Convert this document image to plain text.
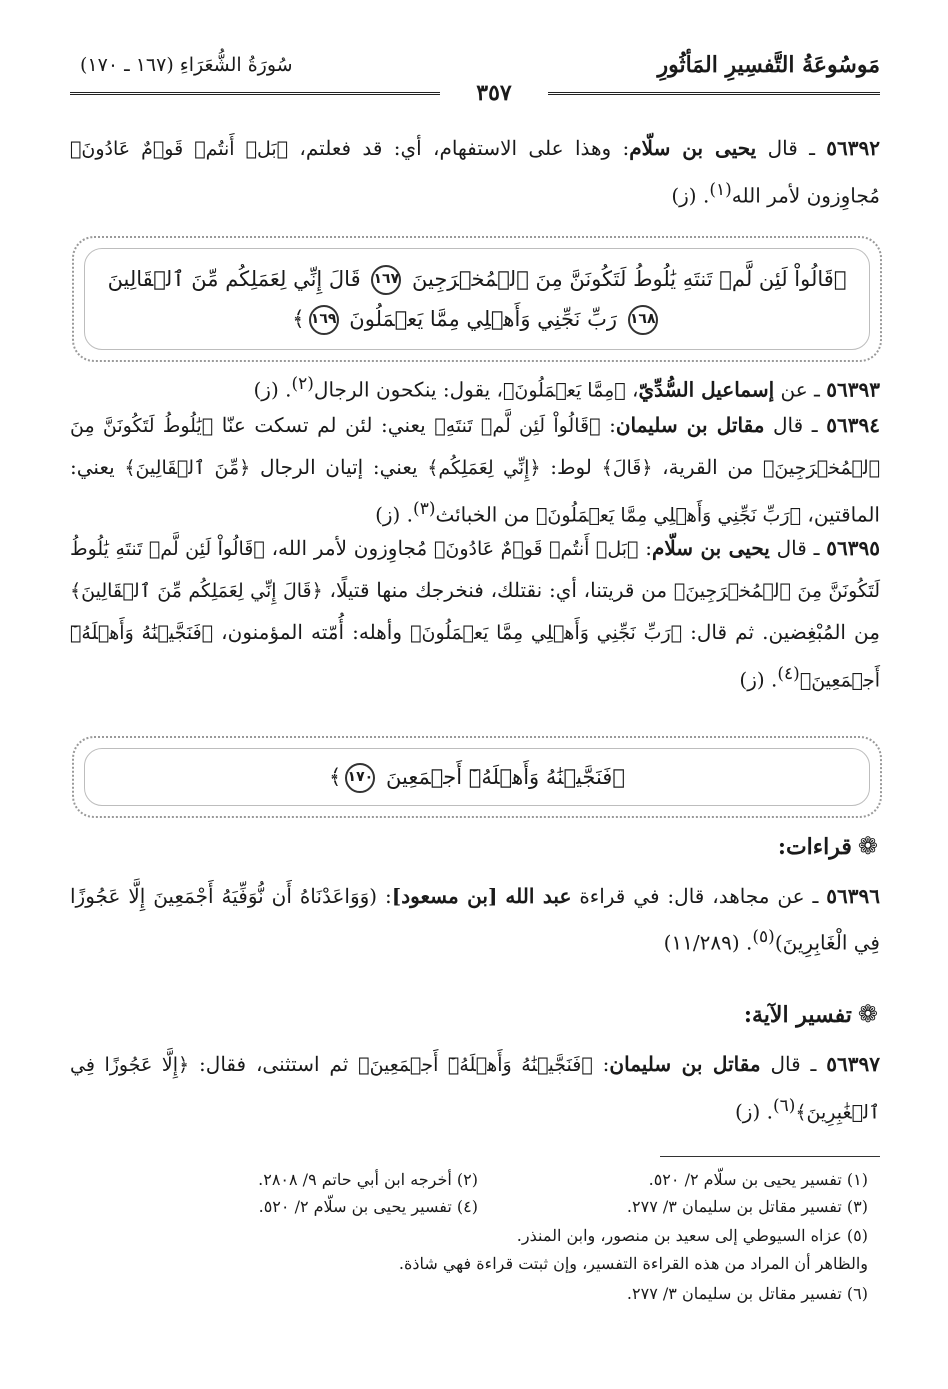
مَوسُوعَةُ التَّفسِيرِ المَأثُورِ
سُورَةُ الشُّعَرَاءِ (١٦٧ ـ ١٧٠)
٣٥٧
٥٦٣٩٢ ـ قال يحيى بن سلّام: وهذا على الاستفهام، أي: قد فعلتم، ﴿بَلۡ أَنتُمۡ قَوۡمٌ عَادُونَ﴾ مُجاوِزون لأمر الله$^{(١)}$. (ز)
﴿قَالُواْ لَئِن لَّمۡ تَنتَهِ يَٰلُوطُ لَتَكُونَنَّ مِنَ ٱلۡمُخۡرَجِينَ ١٦٧ قَالَ إِنِّي لِعَمَلِكُم مِّنَ ٱلۡقَالِينَ ١٦٨ رَبِّ نَجِّنِي وَأَهۡلِي مِمَّا يَعۡمَلُونَ ١٦٩﴾
٥٦٣٩٣ ـ عن إسماعيل السُّدِّيّ، ﴿مِمَّا يَعۡمَلُونَ﴾، يقول: ينكحون الرجال$^{(٢)}$. (ز)
٥٦٣٩٤ ـ قال مقاتل بن سليمان: ﴿قَالُواْ لَئِن لَّمۡ تَنتَهِ﴾ يعني: لئن لم تسكت عنّا ﴿يَٰلُوطُ لَتَكُونَنَّ مِنَ ٱلۡمُخۡرَجِينَ﴾ من القرية، ﴿قَالَ﴾ لوط: ﴿إِنِّي لِعَمَلِكُم﴾ يعني: إتيان الرجال ﴿مِّنَ ٱلۡقَالِينَ﴾ يعني: الماقتين، ﴿رَبِّ نَجِّنِي وَأَهۡلِي مِمَّا يَعۡمَلُونَ﴾ من الخبائث$^{(٣)}$. (ز)
٥٦٣٩٥ ـ قال يحيى بن سلّام: ﴿بَلۡ أَنتُمۡ قَوۡمٌ عَادُونَ﴾ مُجاوِزون لأمر الله، ﴿قَالُواْ لَئِن لَّمۡ تَنتَهِ يَٰلُوطُ لَتَكُونَنَّ مِنَ ٱلۡمُخۡرَجِينَ﴾ من قريتنا، أي: نقتلك، فنخرجك منها قتيلًا، ﴿قَالَ إِنِّي لِعَمَلِكُم مِّنَ ٱلۡقَالِينَ﴾ مِن المُبْغِضين. ثم قال: ﴿رَبِّ نَجِّنِي وَأَهۡلِي مِمَّا يَعۡمَلُونَ﴾ وأهله: أُمّته المؤمنون، ﴿فَنَجَّيۡنَٰهُ وَأَهۡلَهُۥٓ أَجۡمَعِينَ﴾$^{(٤)}$. (ز)
﴿فَنَجَّيۡنَٰهُ وَأَهۡلَهُۥٓ أَجۡمَعِينَ ١٧٠﴾
❁قراءات:
٥٦٣٩٦ ـ عن مجاهد، قال: في قراءة عبد الله [بن مسعود]: (وَوَاعَدْنَاهُ أَن نُّوَفِّيَهُ أَجْمَعِينَ إِلَّا عَجُوزًا فِي الْغَابِرِينَ)$^{(٥)}$. (١١/٢٨٩)
❁تفسير الآية:
٥٦٣٩٧ ـ قال مقاتل بن سليمان: ﴿فَنَجَّيۡنَٰهُ وَأَهۡلَهُۥٓ أَجۡمَعِينَ﴾ ثم استثنى، فقال: ﴿إِلَّا عَجُوزًا فِي ٱلۡغَٰبِرِينَ﴾$^{(٦)}$. (ز)
(١) تفسير يحيى بن سلّام ٢/ ٥٢٠.
(٢) أخرجه ابن أبي حاتم ٩/ ٢٨٠٨.
(٣) تفسير مقاتل بن سليمان ٣/ ٢٧٧.
(٤) تفسير يحيى بن سلّام ٢/ ٥٢٠.
(٥) عزاه السيوطي إلى سعيد بن منصور، وابن المنذر.
والظاهر أن المراد من هذه القراءة التفسير، وإن ثبتت قراءة فهي شاذة.
(٦) تفسير مقاتل بن سليمان ٣/ ٢٧٧.
